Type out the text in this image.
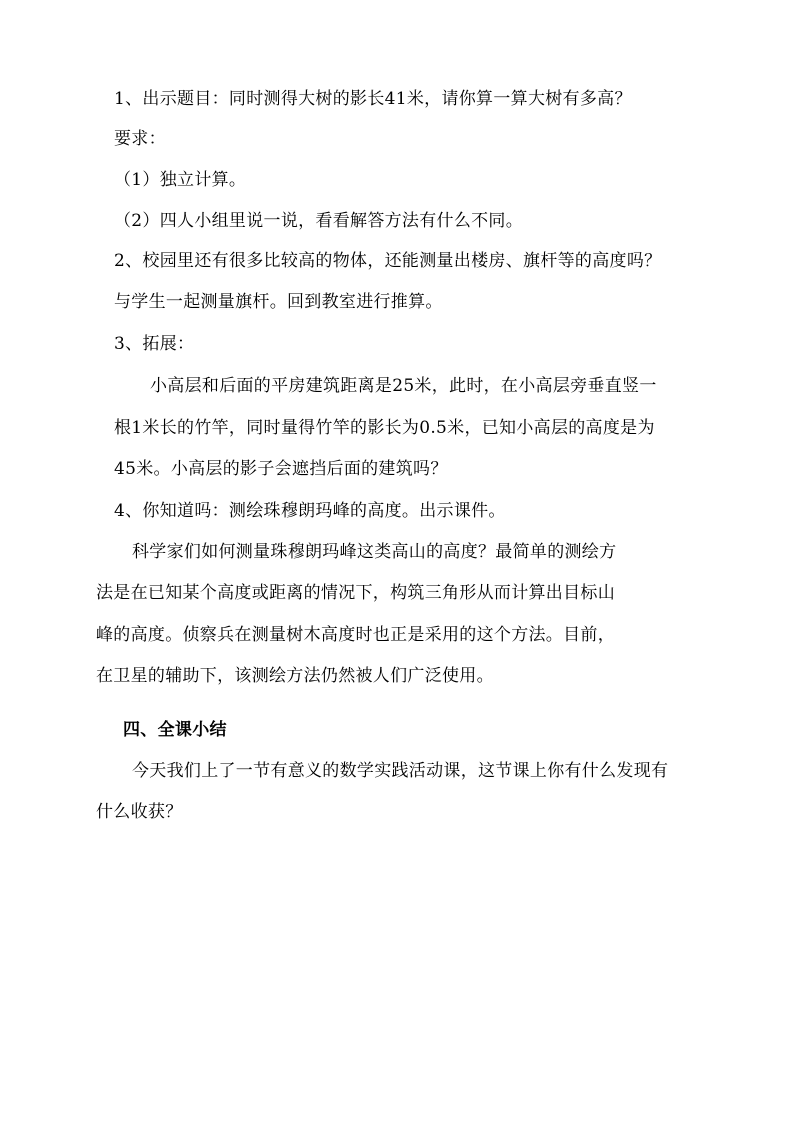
1、出示题目：同时测得大树的影长41米，请你算一算大树有多高？
要求：
（1）独立计算。
（2）四人小组里说一说，看看解答方法有什么不同。
2、校园里还有很多比较高的物体，还能测量出楼房、旗杆等的高度吗？
与学生一起测量旗杆。回到教室进行推算。
3、拓展：
小高层和后面的平房建筑距离是25米，此时，在小高层旁垂直竖一
根1米长的竹竿，同时量得竹竿的影长为0.5米，已知小高层的高度是为
45米。小高层的影子会遮挡后面的建筑吗？
4、你知道吗：测绘珠穆朗玛峰的高度。出示课件。
科学家们如何测量珠穆朗玛峰这类高山的高度？最简单的测绘方
法是在已知某个高度或距离的情况下，构筑三角形从而计算出目标山
峰的高度。侦察兵在测量树木高度时也正是采用的这个方法。目前，
在卫星的辅助下，该测绘方法仍然被人们广泛使用。
四、全课小结
今天我们上了一节有意义的数学实践活动课，这节课上你有什么发现有
什么收获？
